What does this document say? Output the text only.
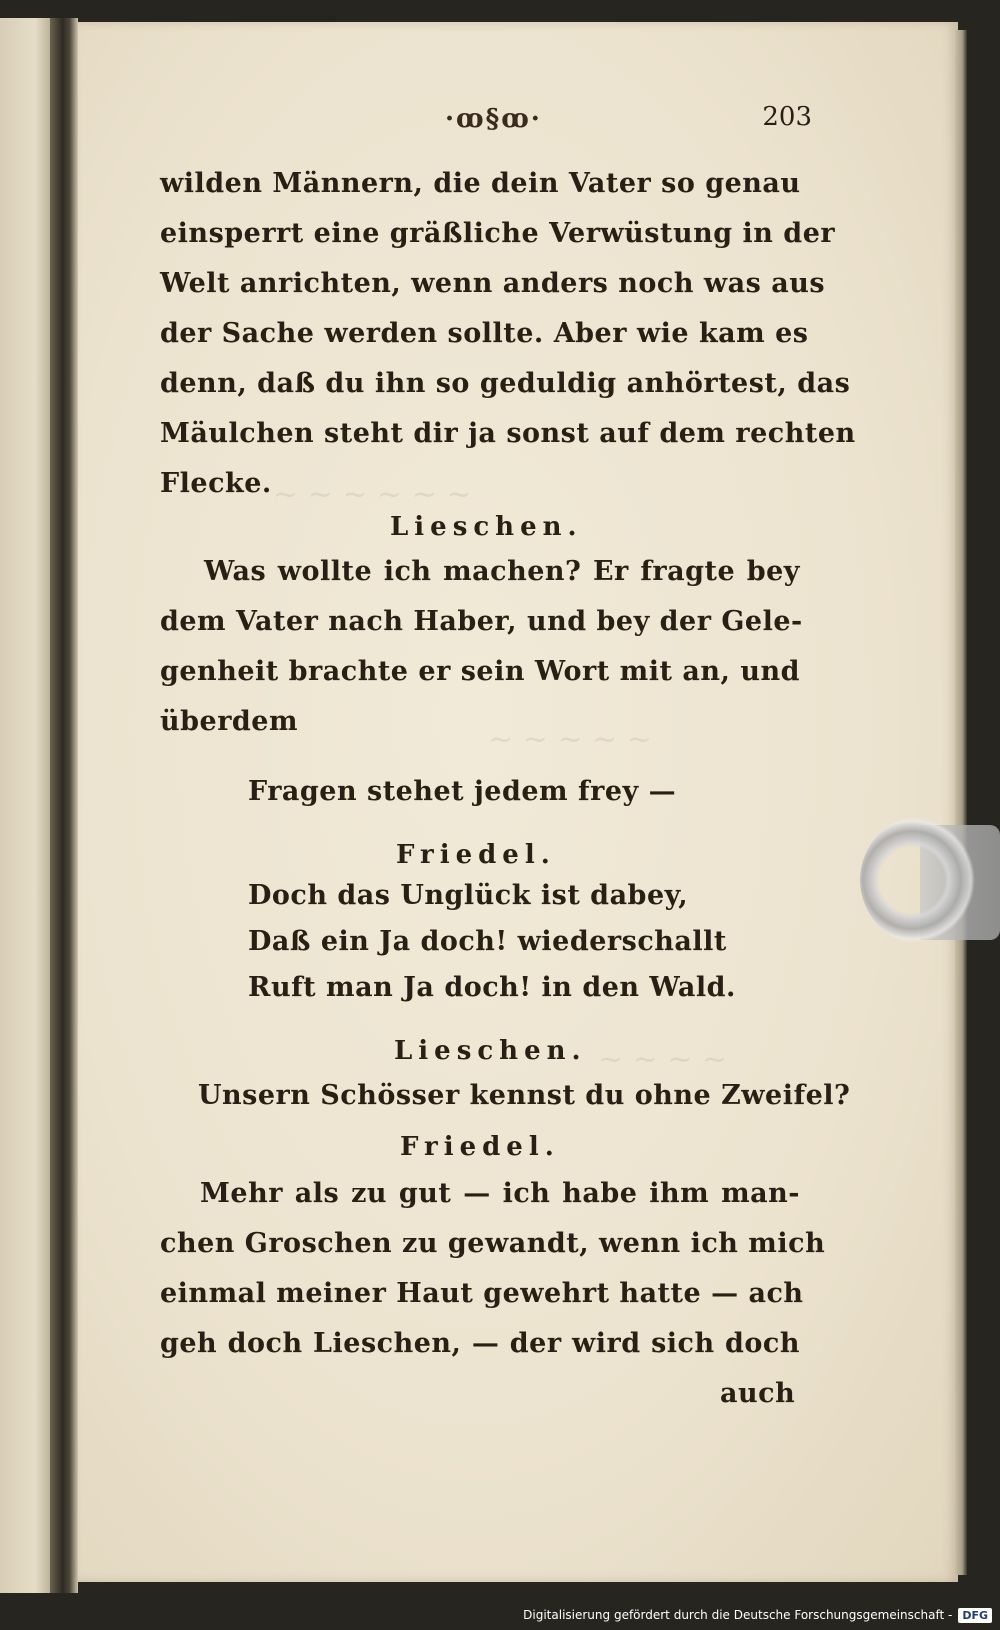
~ ~ ~ ~ ~ ~
~ ~ ~ ~ ~
~ ~ ~ ~
·ꝏ§ꝏ·	203
wilden Männern, die dein Vater so genau
einsperrt eine gräßliche Verwüstung in der
Welt anrichten, wenn anders noch was aus
der Sache werden sollte. Aber wie kam es
denn, daß du ihn so geduldig anhörtest, das
Mäulchen steht dir ja sonst auf dem rechten
Flecke.
Lieschen.
Was wollte ich machen? Er fragte bey
dem Vater nach Haber, und bey der Gele-
genheit brachte er sein Wort mit an, und
überdem
Fragen stehet jedem frey —
Friedel.
Doch das Unglück ist dabey,
Daß ein Ja doch! wiederschallt
Ruft man Ja doch! in den Wald.
Lieschen.
Unsern Schösser kennst du ohne Zweifel?
Friedel.
Mehr als zu gut — ich habe ihm man-
chen Groschen zu gewandt, wenn ich mich
einmal meiner Haut gewehrt hatte — ach
geh doch Lieschen, — der wird sich doch
auch
Digitalisierung gefördert durch die Deutsche Forschungsgemeinschaft - DFG
